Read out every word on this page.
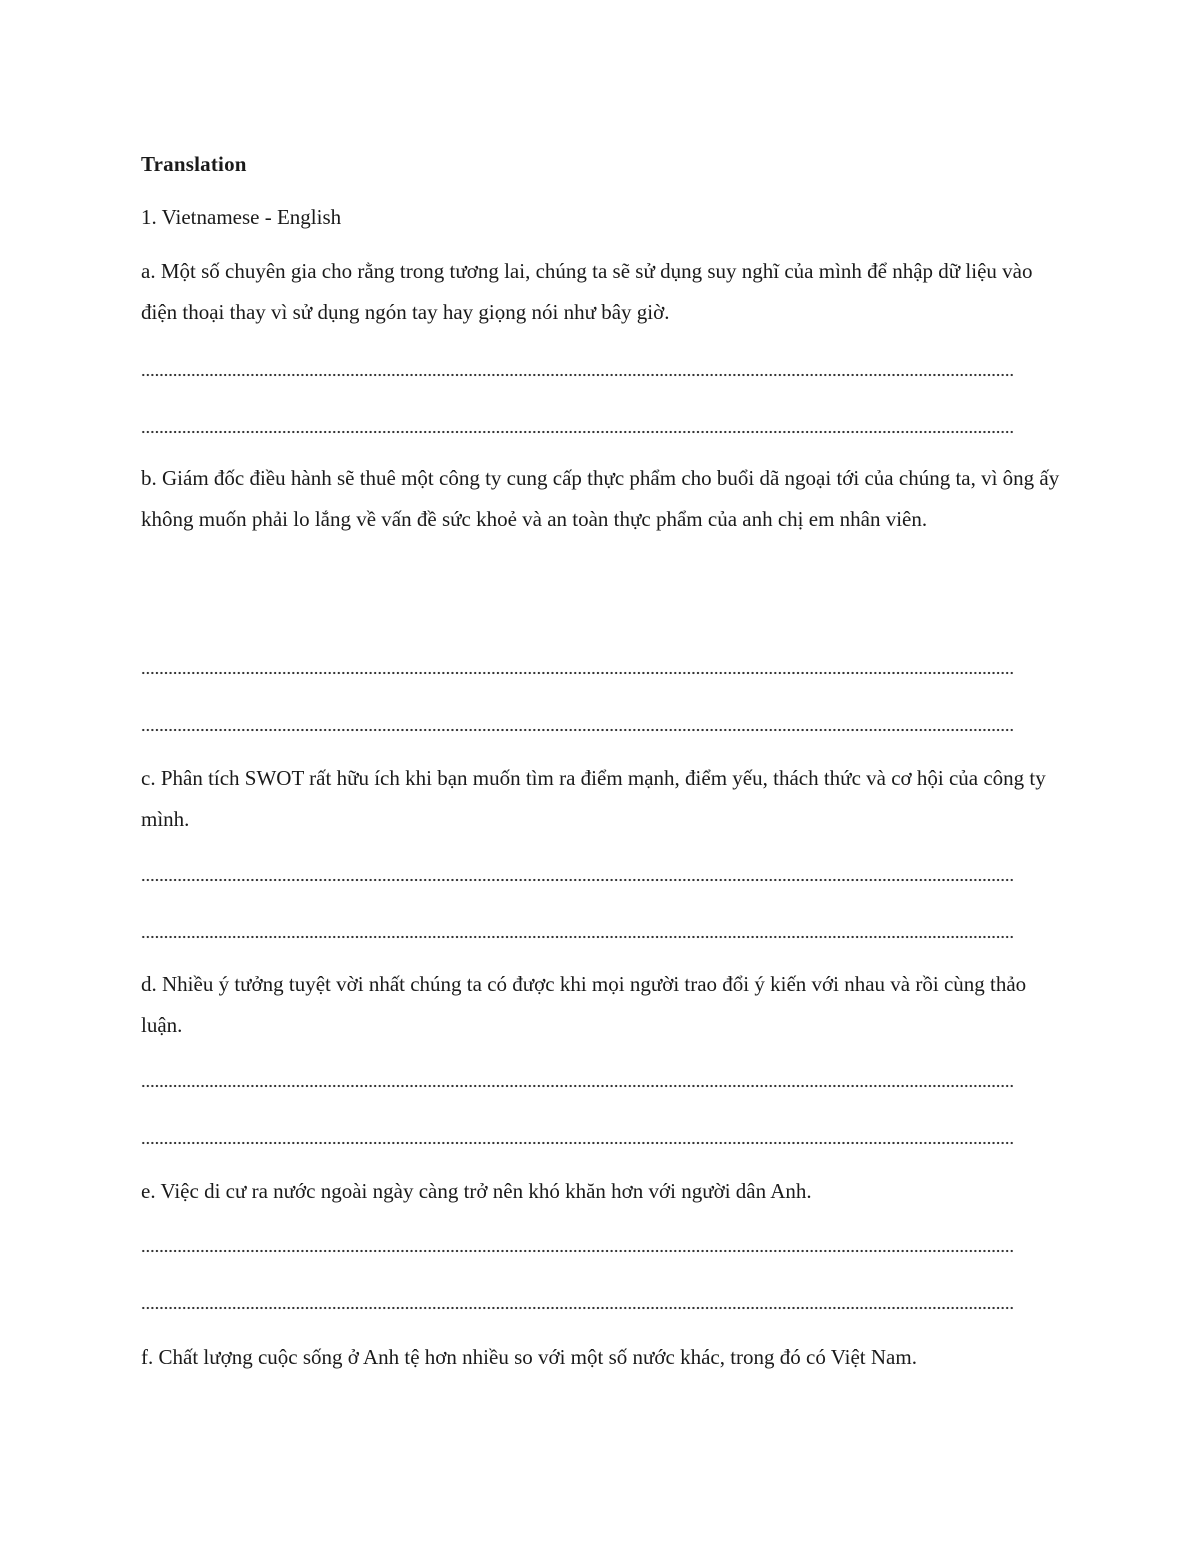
Translation
1. Vietnamese - English
a. Một số chuyên gia cho rằng trong tương lai, chúng ta sẽ sử dụng suy nghĩ của mình để nhập dữ liệu vào điện thoại thay vì sử dụng ngón tay hay giọng nói như bây giờ.
b. Giám đốc điều hành sẽ thuê một công ty cung cấp thực phẩm cho buổi dã ngoại tới của chúng ta, vì ông ấy không muốn phải lo lắng về vấn đề sức khoẻ và an toàn thực phẩm của anh chị em nhân viên.
c. Phân tích SWOT rất hữu ích khi bạn muốn tìm ra điểm mạnh, điểm yếu, thách thức và cơ hội của công ty mình.
d. Nhiều ý tưởng tuyệt vời nhất chúng ta có được khi mọi người trao đổi ý kiến với nhau và rồi cùng thảo luận.
e. Việc di cư ra nước ngoài ngày càng trở nên khó khăn hơn với người dân Anh.
f. Chất lượng cuộc sống ở Anh tệ hơn nhiều so với một số nước khác, trong đó có Việt Nam.
